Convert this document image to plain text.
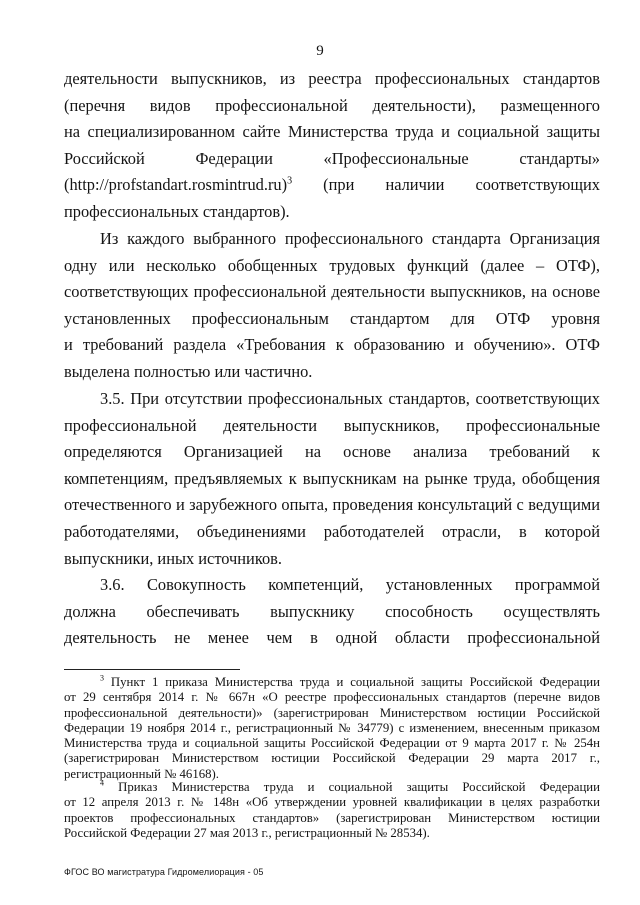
9
деятельности выпускников, из реестра профессиональных стандартов
(перечня видов профессиональной деятельности), размещенного
на специализированном сайте Министерства труда и социальной защиты
Российской Федерации «Профессиональные стандарты»
(http://profstandart.rosmintrud.ru)$^3$ (при наличии соответствующих
профессиональных стандартов).
Из каждого выбранного профессионального стандарта Организация
одну или несколько обобщенных трудовых функций (далее – ОТФ),
соответствующих профессиональной деятельности выпускников, на основе
установленных профессиональным стандартом для ОТФ уровня
и требований раздела «Требования к образованию и обучению». ОТФ
выделена полностью или частично.
3.5. При отсутствии профессиональных стандартов, соответствующих
профессиональной деятельности выпускников, профессиональные
определяются Организацией на основе анализа требований к
компетенциям, предъявляемых к выпускникам на рынке труда, обобщения
отечественного и зарубежного опыта, проведения консультаций с ведущими
работодателями, объединениями работодателей отрасли, в которой
выпускники, иных источников.
3.6. Совокупность компетенций, установленных программой
должна обеспечивать выпускнику способность осуществлять
деятельность не менее чем в одной области профессиональной
$^3$ Пункт 1 приказа Министерства труда и социальной защиты Российской Федерации
от 29 сентября 2014 г. № 667н «О реестре профессиональных стандартов (перечне видов
профессиональной деятельности)» (зарегистрирован Министерством юстиции Российской
Федерации 19 ноября 2014 г., регистрационный № 34779) с изменением, внесенным приказом
Министерства труда и социальной защиты Российской Федерации от 9 марта 2017 г. № 254н
(зарегистрирован Министерством юстиции Российской Федерации 29 марта 2017 г.,
регистрационный № 46168).
$^4$ Приказ Министерства труда и социальной защиты Российской Федерации
от 12 апреля 2013 г. № 148н «Об утверждении уровней квалификации в целях разработки
проектов профессиональных стандартов» (зарегистрирован Министерством юстиции
Российской Федерации 27 мая 2013 г., регистрационный № 28534).
ФГОС ВО магистратура Гидромелиорация - 05
